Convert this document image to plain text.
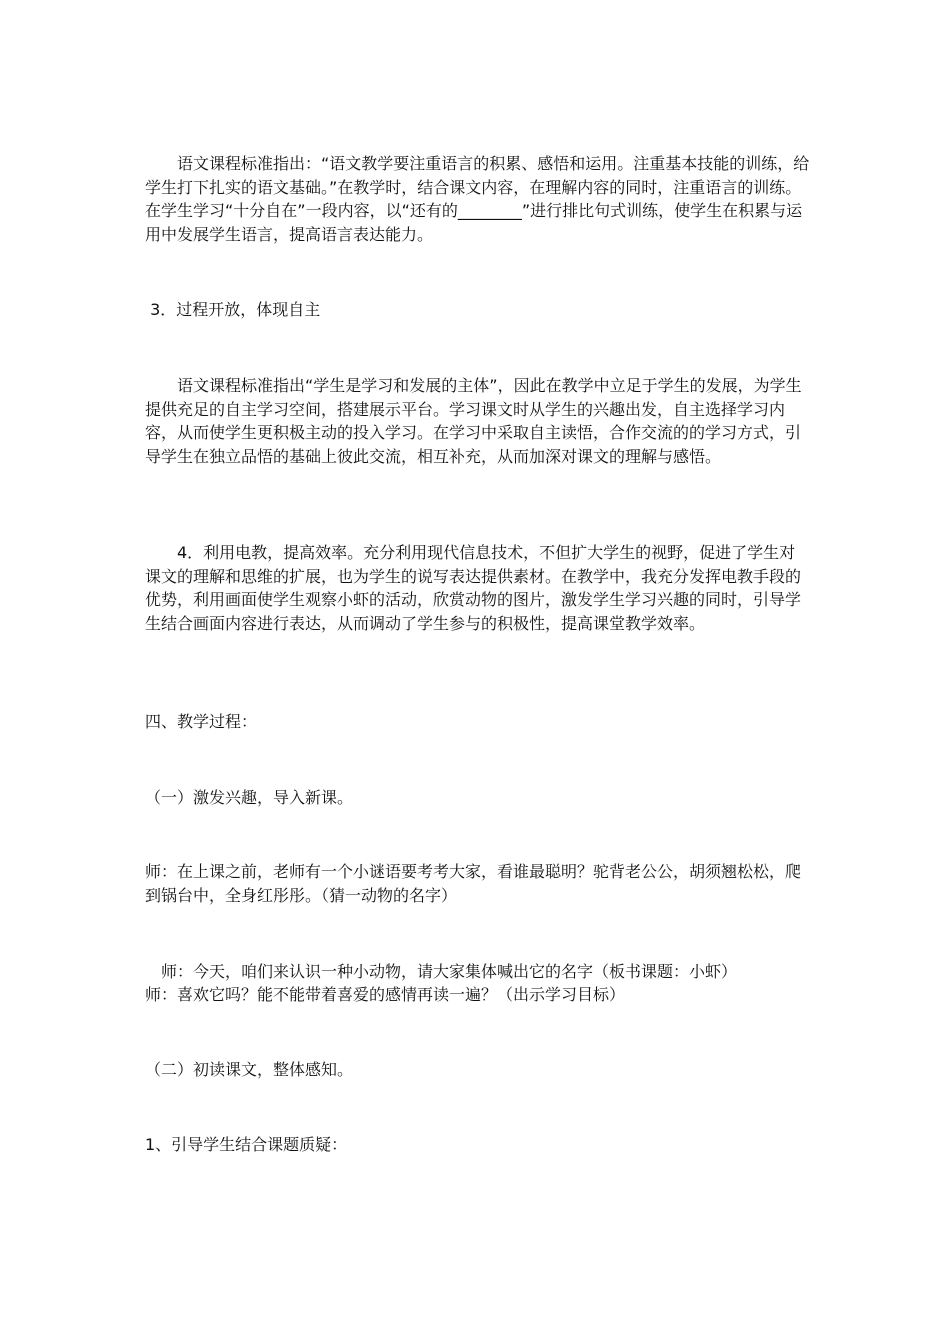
　　语文课程标准指出：“语文教学要注重语言的积累、感悟和运用。注重基本技能的训练，给学生打下扎实的语文基础。”在教学时，结合课文内容，在理解内容的同时，注重语言的训练。在学生学习“十分自在”一段内容，以“还有的________”进行排比句式训练，使学生在积累与运用中发展学生语言，提高语言表达能力。

3．过程开放，体现自主

　　语文课程标准指出“学生是学习和发展的主体”，因此在教学中立足于学生的发展，为学生提供充足的自主学习空间，搭建展示平台。学习课文时从学生的兴趣出发，自主选择学习内容，从而使学生更积极主动的投入学习。在学习中采取自主读悟，合作交流的的学习方式，引导学生在独立品悟的基础上彼此交流，相互补充，从而加深对课文的理解与感悟。

　　4．利用电教，提高效率。充分利用现代信息技术，不但扩大学生的视野，促进了学生对课文的理解和思维的扩展，也为学生的说写表达提供素材。在教学中，我充分发挥电教手段的优势，利用画面使学生观察小虾的活动，欣赏动物的图片，激发学生学习兴趣的同时，引导学生结合画面内容进行表达，从而调动了学生参与的积极性，提高课堂教学效率。

四、教学过程：

（一）激发兴趣，导入新课。

师：在上课之前，老师有一个小谜语要考考大家，看谁最聪明？驼背老公公，胡须翘松松，爬到锅台中，全身红彤彤。（猜一动物的名字）

　师：今天，咱们来认识一种小动物，请大家集体喊出它的名字（板书课题：小虾）

师：喜欢它吗？能不能带着喜爱的感情再读一遍？（出示学习目标）

（二）初读课文，整体感知。

1、引导学生结合课题质疑：
